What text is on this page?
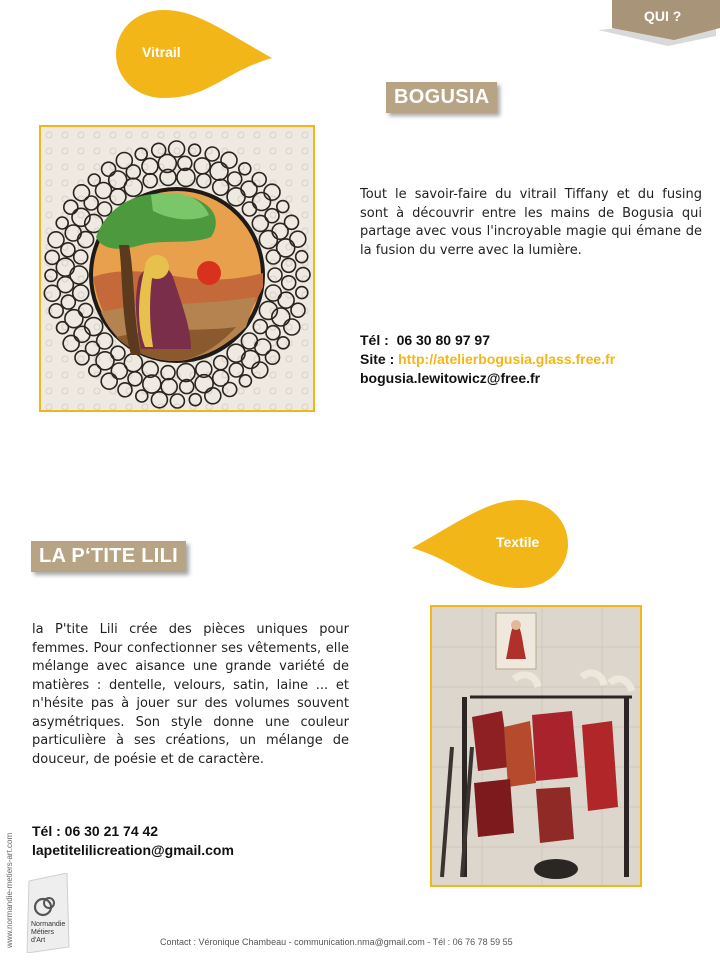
QUI ?
Vitrail
BOGUSIA
Tout le savoir-faire du vitrail Tiffany et du fusing sont à découvrir entre les mains de Bogusia qui partage avec vous l'incroyable magie qui émane de la fusion du verre avec la lumière.
Tél : 06 30 80 97 97
Site : http://atelierbogusia.glass.free.fr
bogusia.lewitowicz@free.fr
Textile
LA P‘TITE LILI
la P'tite Lili crée des pièces uniques pour femmes. Pour confectionner ses vêtements, elle mélange avec aisance une grande variété de matières : dentelle, velours, satin, laine ... et n'hésite pas à jouer sur des volumes souvent asymétriques. Son style donne une couleur particulière à ses créations, un mélange de douceur, de poésie et de caractère.
Tél : 06 30 21 74 42
lapetitelilicreation@gmail.com
www.normandie-metiers-art.com Normandie
Métiers
d'Art	Contact : Véronique Chambeau - communication.nma@gmail.com - Tél : 06 76 78 59 55
